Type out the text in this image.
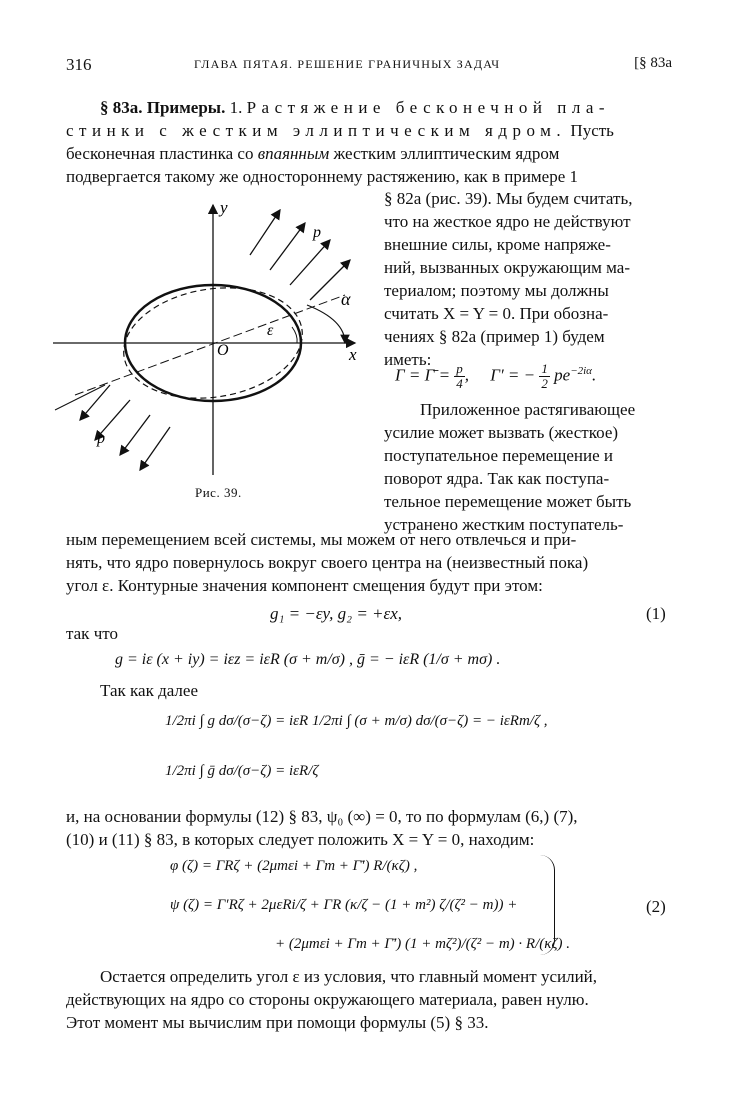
316	ГЛАВА ПЯТАЯ. РЕШЕНИЕ ГРАНИЧНЫХ ЗАДАЧ	[§ 83а
§ 83а. Примеры. 1. Растяжение бесконечной пла-
стинки с жестким эллиптическим ядром. Пусть
бесконечная пластинка со впаянным жестким эллиптическим ядром
подвергается такому же одностороннему растяжению, как в примере 1
§ 82а (рис. 39). Мы будем считать,
что на жесткое ядро не действуют
внешние силы, кроме напряже-
ний, вызванных окружающим ма-
териалом; поэтому мы должны
считать X = Y = 0. При обозна-
чениях § 82а (пример 1) будем
иметь:
Γ = Γ̄ = $\frac{p}{4}$ ,     Γ′ = − $\frac{1}{2} pe^{-2i\alpha}$.
Приложенное растягивающее
усилие может вызвать (жесткое)
поступательное перемещение и
поворот ядра. Так как поступа-
тельное перемещение может быть
устранено жестким поступатель-
y
x
O
p
p
α
ε
Рис. 39.
ным перемещением всей системы, мы можем от него отвлечься и при-
нять, что ядро повернулось вокруг своего центра на (неизвестный пока)
угол ε. Контурные значения компонент смещения будут при этом:
g₁ = −εy, g₂ = +εx,	(1)
так что
g = iε (x + iy) = iεz = iεR (σ + m/σ) , ḡ = − iεR (1/σ + mσ) .
Так как далее
1/2πi ∫ g dσ/(σ−ζ) = iεR 1/2πi ∫ (σ + m/σ) dσ/(σ−ζ) = − iεRm/ζ ,
1/2πi ∫ ḡ dσ/(σ−ζ) = iεR/ζ
и, на основании формулы (12) § 83, ψ₀ (∞) = 0, то по формулам (6,) (7),
(10) и (11) § 83, в которых следует положить X = Y = 0, находим:
φ (ζ) = ΓRζ + (2μmεi + Γm + Γ̄′) R/(κζ) ,
ψ (ζ) = Γ′Rζ + 2μεRi/ζ + ΓR (κ/ζ − (1 + m²) ζ/(ζ² − m)) +
+ (2μmεi + Γm + Γ̄′) (1 + mζ²)/(ζ² − m) · R/(κζ) .
(2)
Остается определить угол ε из условия, что главный момент усилий,
действующих на ядро со стороны окружающего материала, равен нулю.
Этот момент мы вычислим при помощи формулы (5) § 33.
